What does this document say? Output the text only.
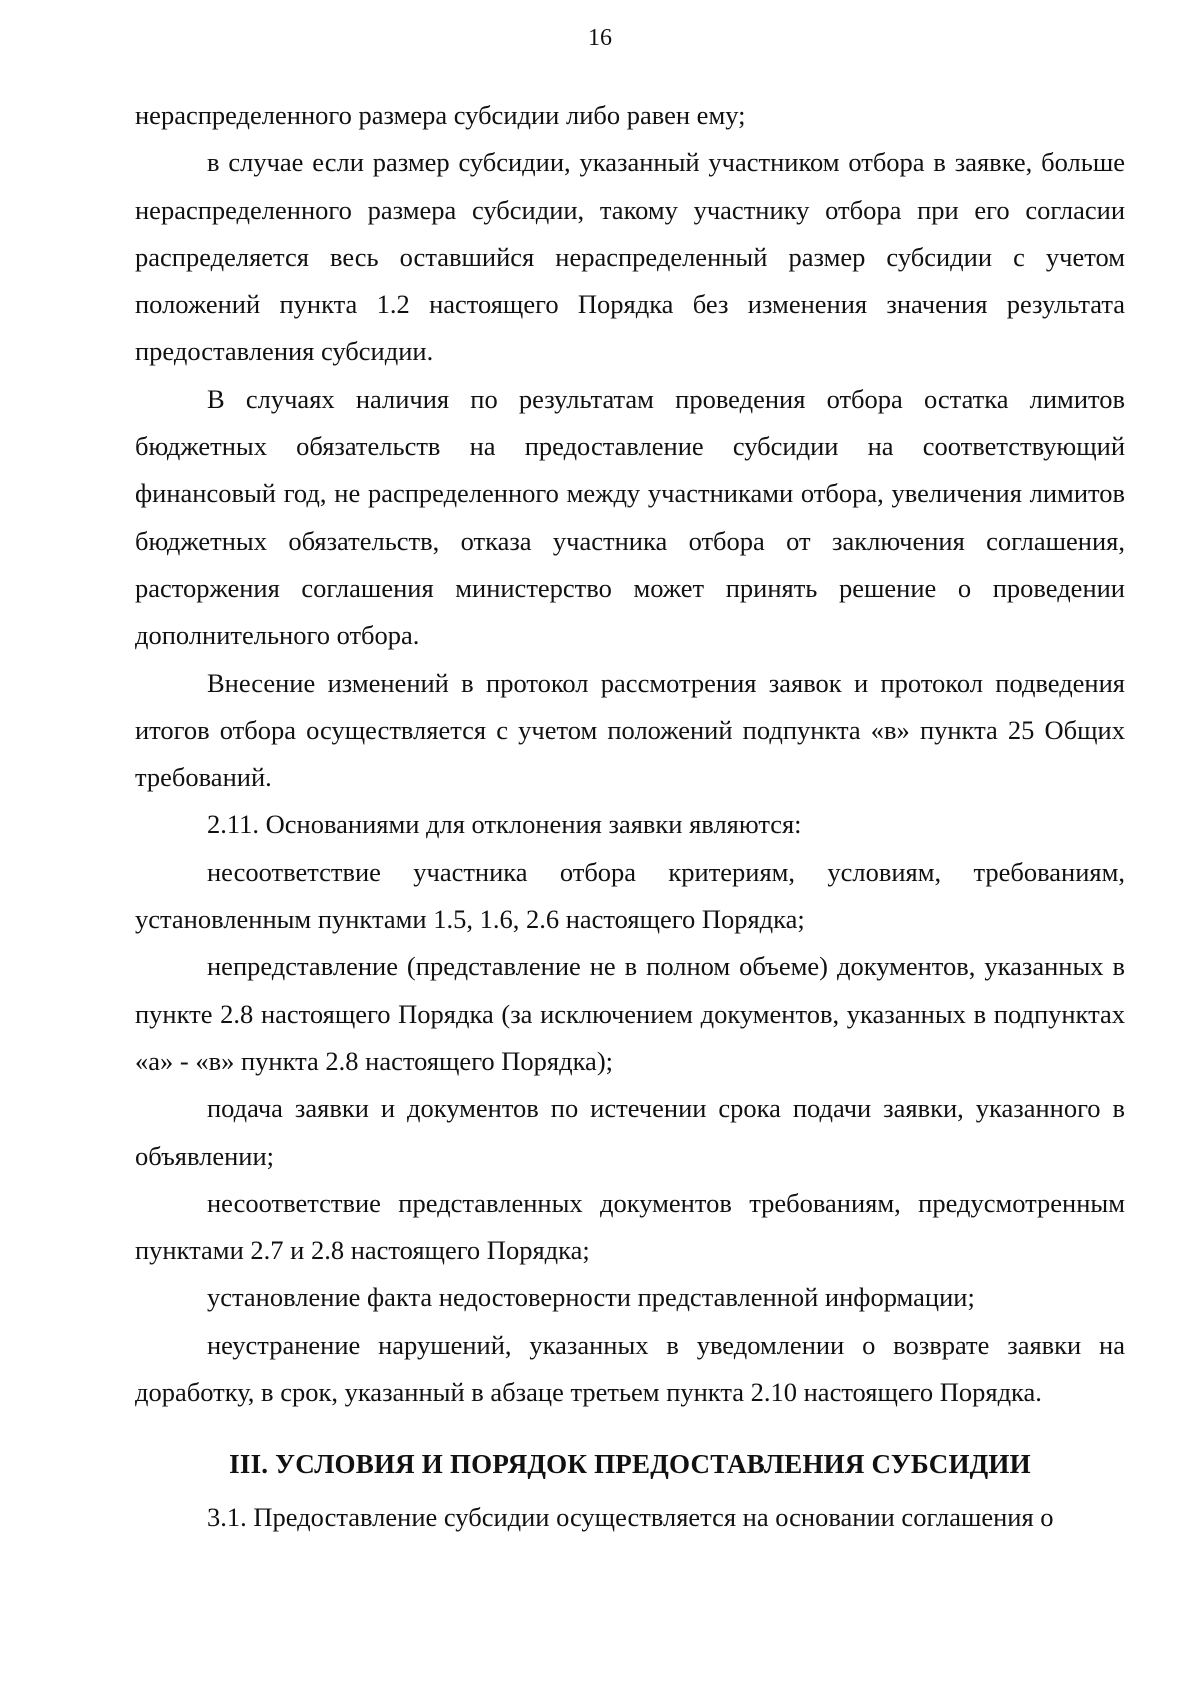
16

нераспределенного размера субсидии либо равен ему;

в случае если размер субсидии, указанный участником отбора в заявке, больше нераспределенного размера субсидии, такому участнику отбора при его согласии распределяется весь оставшийся нераспределенный размер субсидии с учетом положений пункта 1.2 настоящего Порядка без изменения значения результата предоставления субсидии.

В случаях наличия по результатам проведения отбора остатка лимитов бюджетных обязательств на предоставление субсидии на соответствующий финансовый год, не распределенного между участниками отбора, увеличения лимитов бюджетных обязательств, отказа участника отбора от заключения соглашения, расторжения соглашения министерство может принять решение о проведении дополнительного отбора.

Внесение изменений в протокол рассмотрения заявок и протокол подведения итогов отбора осуществляется с учетом положений подпункта «в» пункта 25 Общих требований.

2.11. Основаниями для отклонения заявки являются:

несоответствие участника отбора критериям, условиям, требованиям, установленным пунктами 1.5, 1.6, 2.6 настоящего Порядка;

непредставление (представление не в полном объеме) документов, указанных в пункте 2.8 настоящего Порядка (за исключением документов, указанных в подпунктах «а» - «в» пункта 2.8 настоящего Порядка);

подача заявки и документов по истечении срока подачи заявки, указанного в объявлении;

несоответствие представленных документов требованиям, предусмотренным пунктами 2.7 и 2.8 настоящего Порядка;

установление факта недостоверности представленной информации;

неустранение нарушений, указанных в уведомлении о возврате заявки на доработку, в срок, указанный в абзаце третьем пункта 2.10 настоящего Порядка.

III. УСЛОВИЯ И ПОРЯДОК ПРЕДОСТАВЛЕНИЯ СУБСИДИИ

3.1. Предоставление субсидии осуществляется на основании соглашения о
